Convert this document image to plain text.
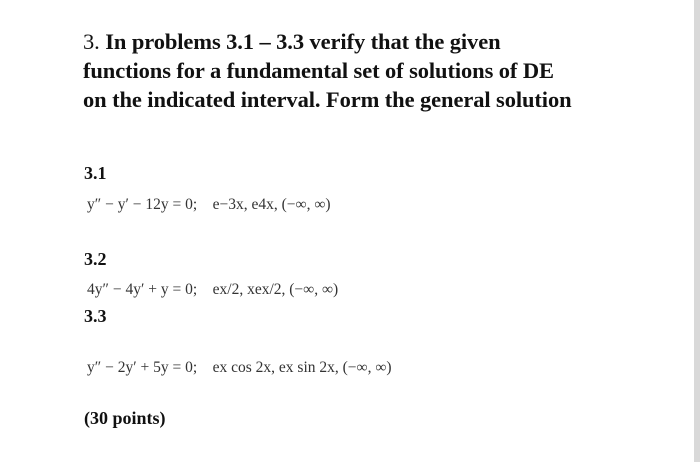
3. In problems 3.1 – 3.3 verify that the given
functions for a fundamental set of solutions of DE
on the indicated interval. Form the general solution
3.1
y″ − y′ − 12y = 0; e−3x, e4x, (−∞, ∞)
3.2
4y″ − 4y′ + y = 0; ex/2, xex/2, (−∞, ∞)
3.3
y″ − 2y′ + 5y = 0; ex cos 2x, ex sin 2x, (−∞, ∞)
(30 points)
